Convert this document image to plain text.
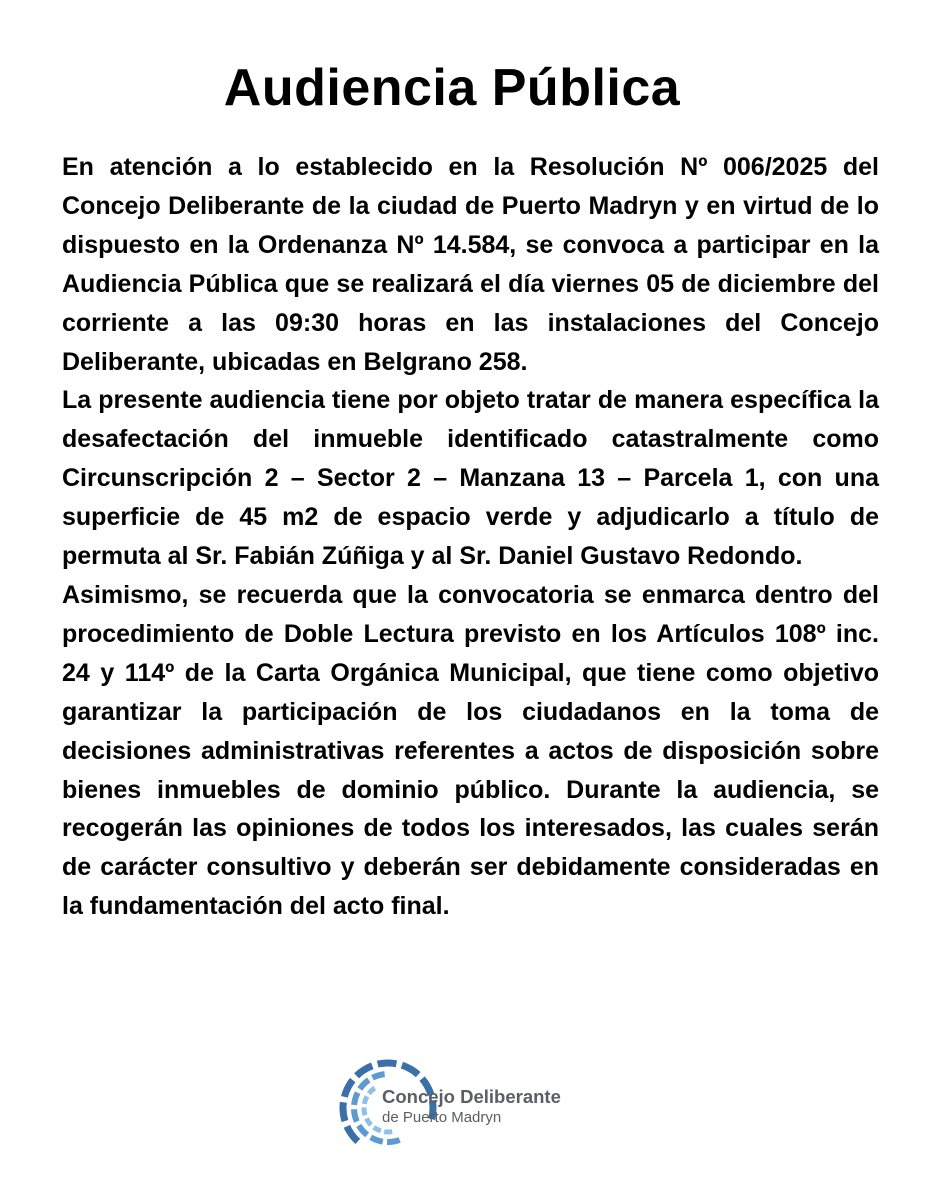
Audiencia Pública

En atención a lo establecido en la Resolución Nº 006/2025 del Concejo Deliberante de la ciudad de Puerto Madryn y en virtud de lo dispuesto en la Ordenanza Nº 14.584, se convoca a participar en la Audiencia Pública que se realizará el día viernes 05 de diciembre del corriente a las 09:30 horas en las instalaciones del Concejo Deliberante, ubicadas en Belgrano 258.

La presente audiencia tiene por objeto tratar de manera específica la desafectación del inmueble identificado catastralmente como Circunscripción 2 – Sector 2 – Manzana 13 – Parcela 1, con una superficie de 45 m2 de espacio verde y adjudicarlo a título de permuta al Sr. Fabián Zúñiga y al Sr. Daniel Gustavo Redondo.

Asimismo, se recuerda que la convocatoria se enmarca dentro del procedimiento de Doble Lectura previsto en los Artículos 108º inc. 24 y 114º de la Carta Orgánica Municipal, que tiene como objetivo garantizar la participación de los ciudadanos en la toma de decisiones administrativas referentes a actos de disposición sobre bienes inmuebles de dominio público. Durante la audiencia, se recogerán las opiniones de todos los interesados, las cuales serán de carácter consultivo y deberán ser debidamente consideradas en la fundamentación del acto final.

Concejo Deliberante
de Puerto Madryn
